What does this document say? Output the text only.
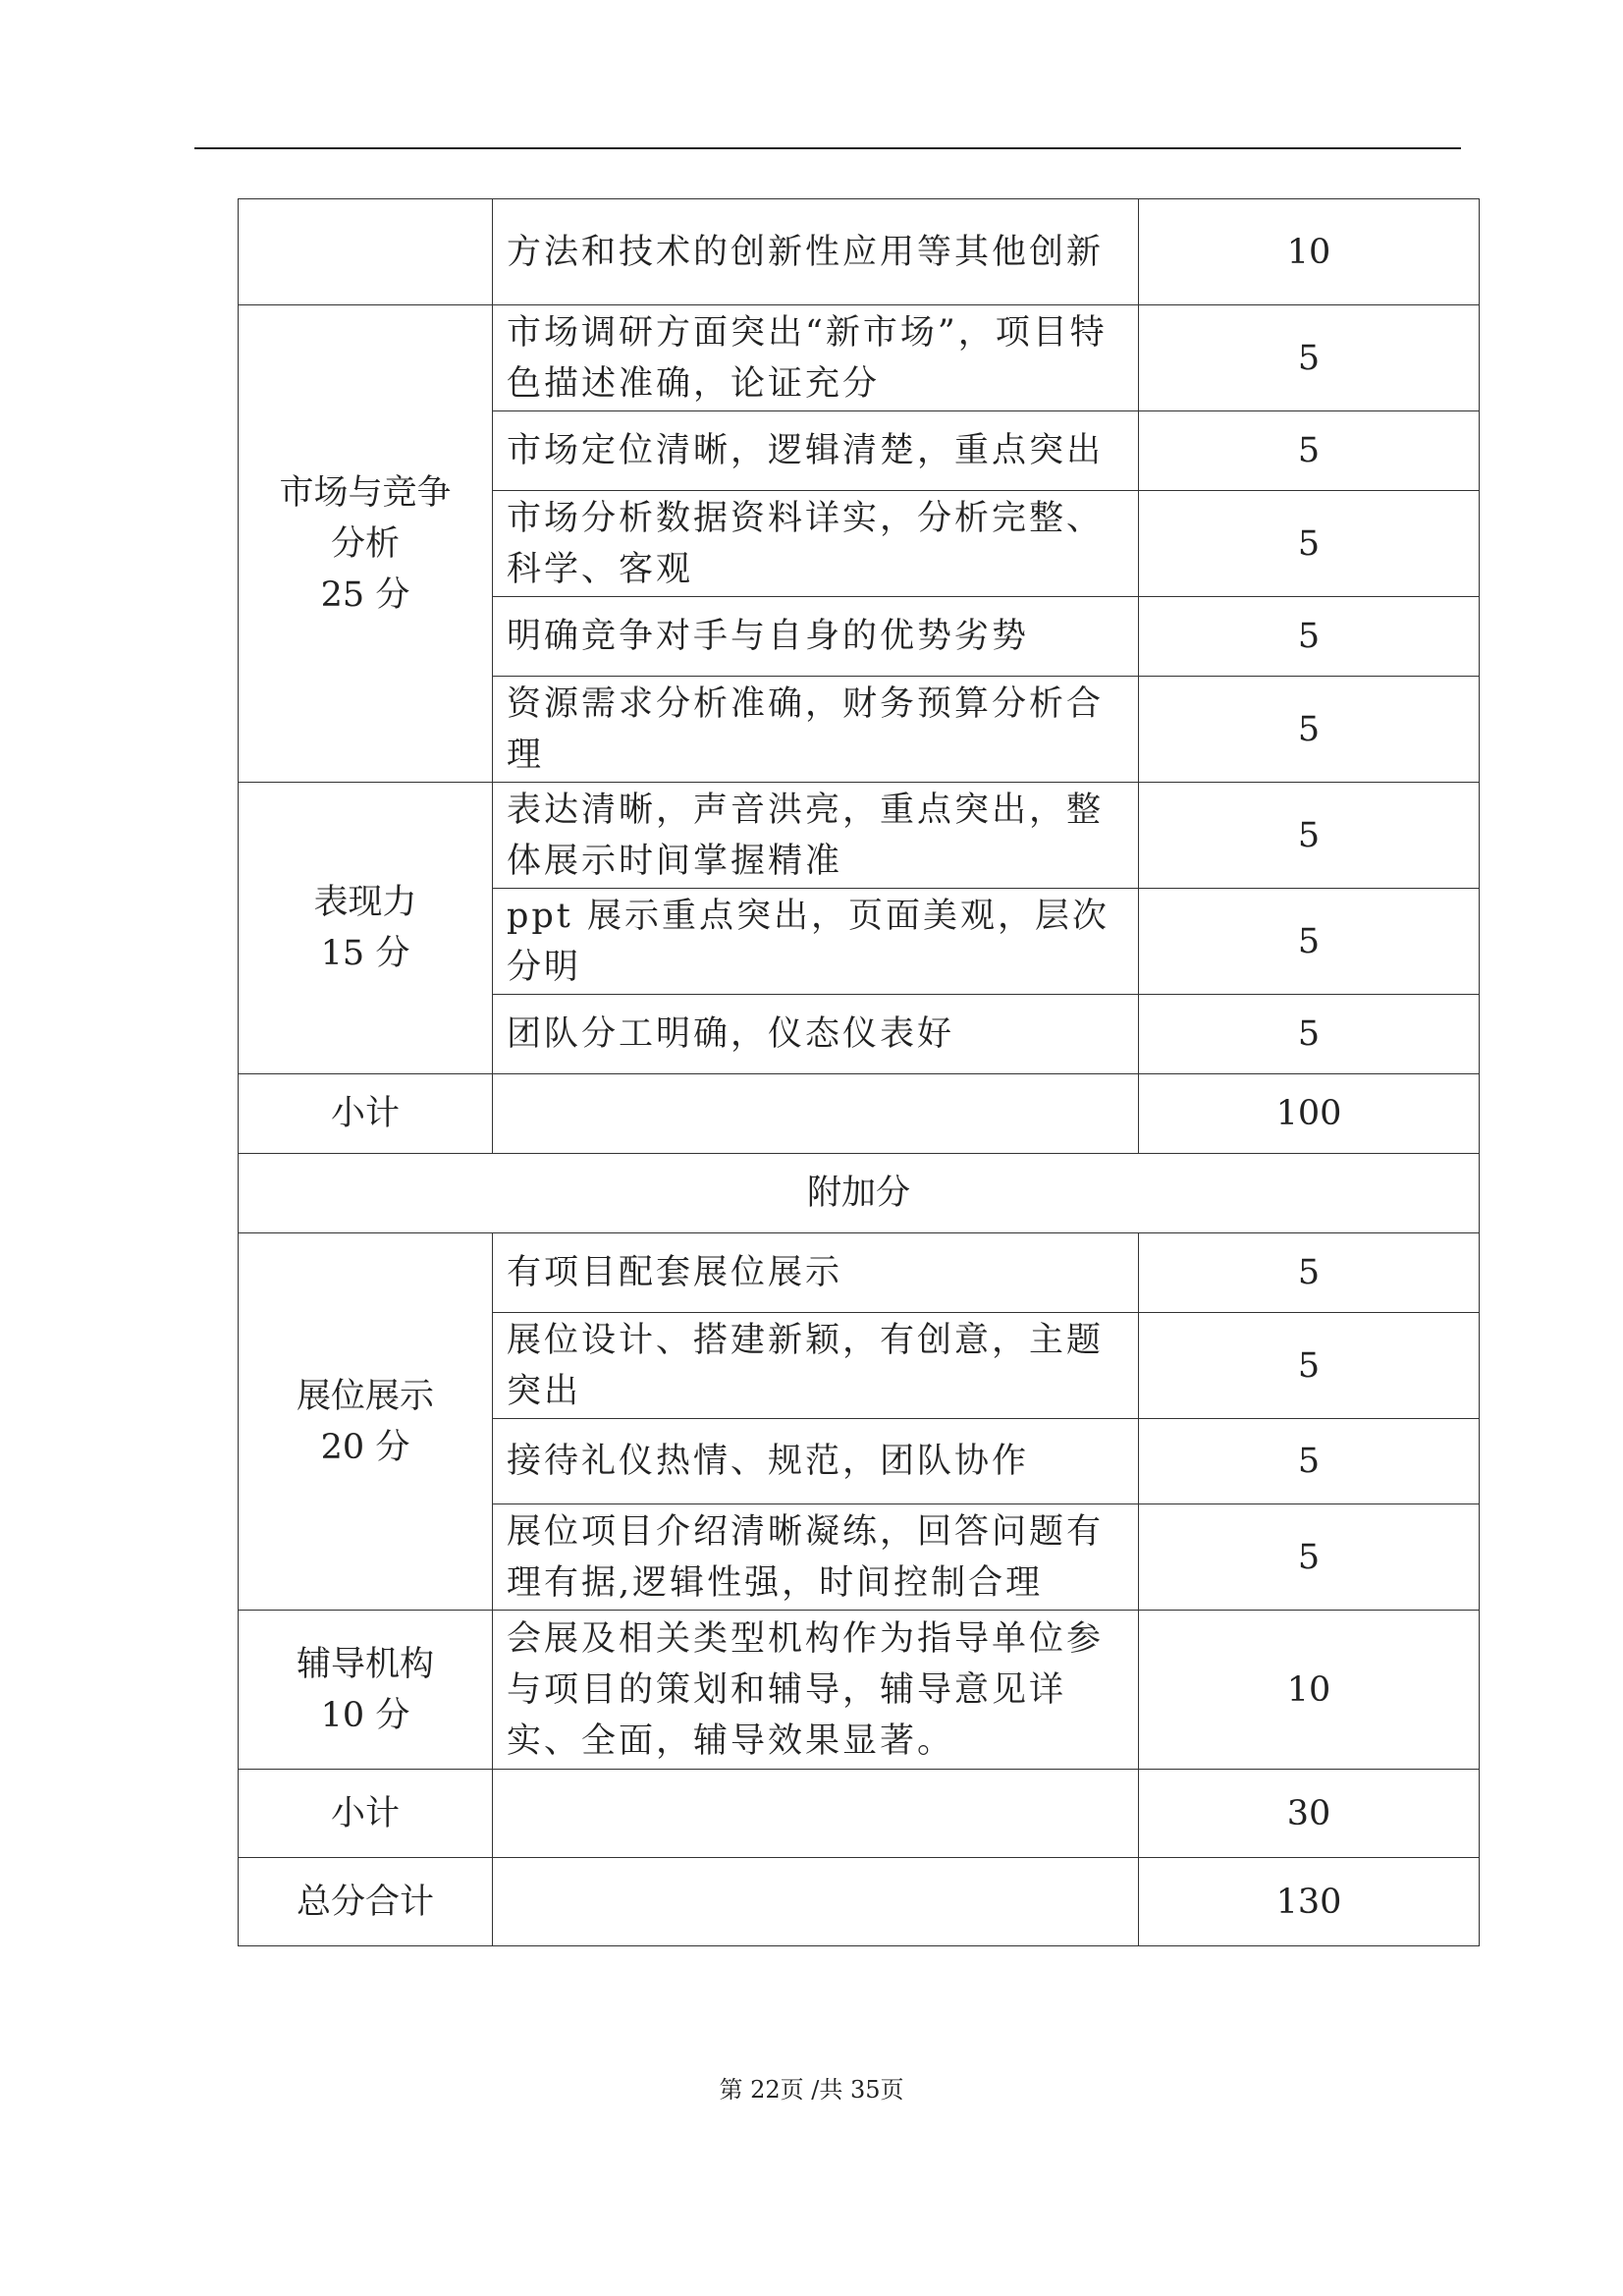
	方法和技术的创新性应用等其他创新	10

市场与竞争
分析
25 分	市场调研方面突出“新市场”，项目特色描述准确，论证充分	5
	市场定位清晰，逻辑清楚，重点突出	5
	市场分析数据资料详实，分析完整、科学、客观	5
	明确竞争对手与自身的优势劣势	5
	资源需求分析准确，财务预算分析合理	5

表现力
15 分	表达清晰，声音洪亮，重点突出，整体展示时间掌握精准	5
	ppt 展示重点突出，页面美观，层次分明	5
	团队分工明确，仪态仪表好	5
小计		100
附加分		

展位展示
20 分	有项目配套展位展示	5
	展位设计、搭建新颖，有创意，主题突出	5
	接待礼仪热情、规范，团队协作	5
	展位项目介绍清晰凝练，回答问题有理有据,逻辑性强，时间控制合理	5

辅导机构
10 分	会展及相关类型机构作为指导单位参与项目的策划和辅导，辅导意见详实、全面，辅导效果显著。	10
小计		30
总分合计		130
第 22页 /共 35页
